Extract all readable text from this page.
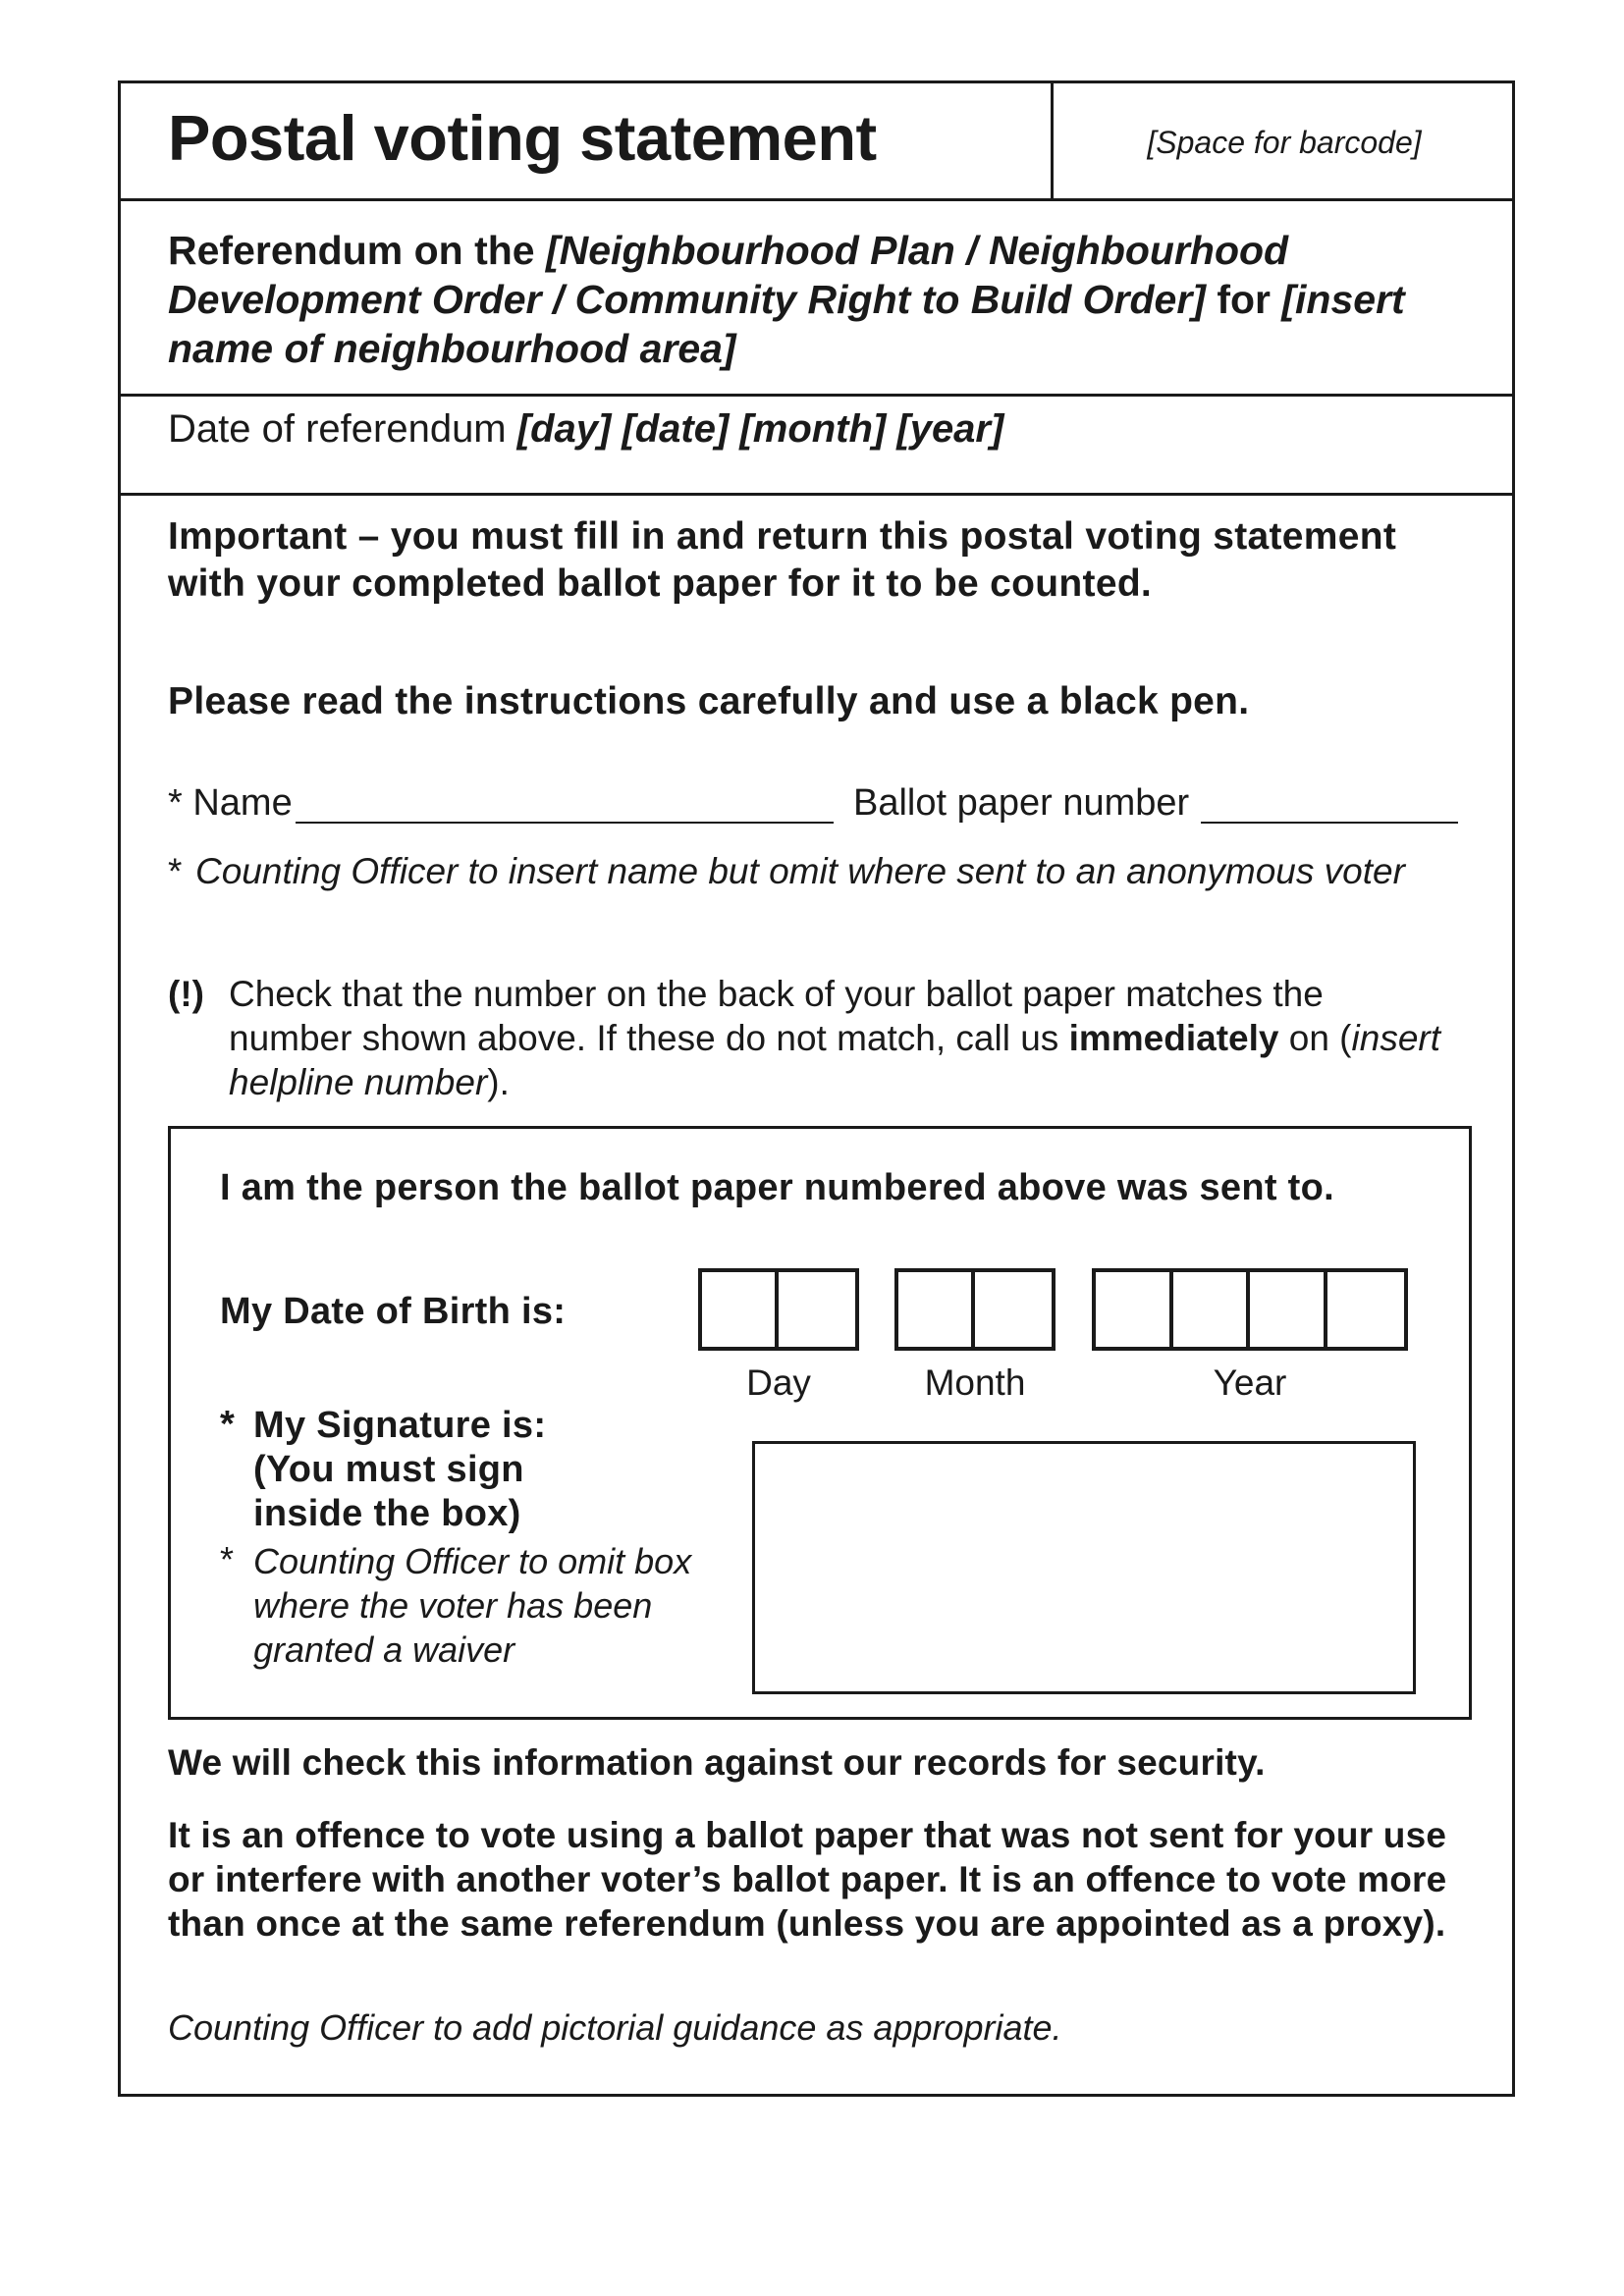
Postal voting statement	[Space for barcode]
Referendum on the [Neighbourhood Plan / Neighbourhood Development Order / Community Right to Build Order] for [insert name of neighbourhood area]
Date of referendum [day] [date] [month] [year]
Important – you must fill in and return this postal voting statement with your completed ballot paper for it to be counted.
Please read the instructions carefully and use a black pen.
* Name	Ballot paper number
* Counting Officer to insert name but omit where sent to an anonymous voter
(!) Check that the number on the back of your ballot paper matches the number shown above. If these do not match, call us immediately on (insert helpline number).
I am the person the ballot paper numbered above was sent to.
My Date of Birth is:
Day	Month	Year
* My Signature is:
(You must sign
inside the box)
* Counting Officer to omit box where the voter has been granted a waiver
We will check this information against our records for security.
It is an offence to vote using a ballot paper that was not sent for your use or interfere with another voter’s ballot paper. It is an offence to vote more than once at the same referendum (unless you are appointed as a proxy).
Counting Officer to add pictorial guidance as appropriate.
